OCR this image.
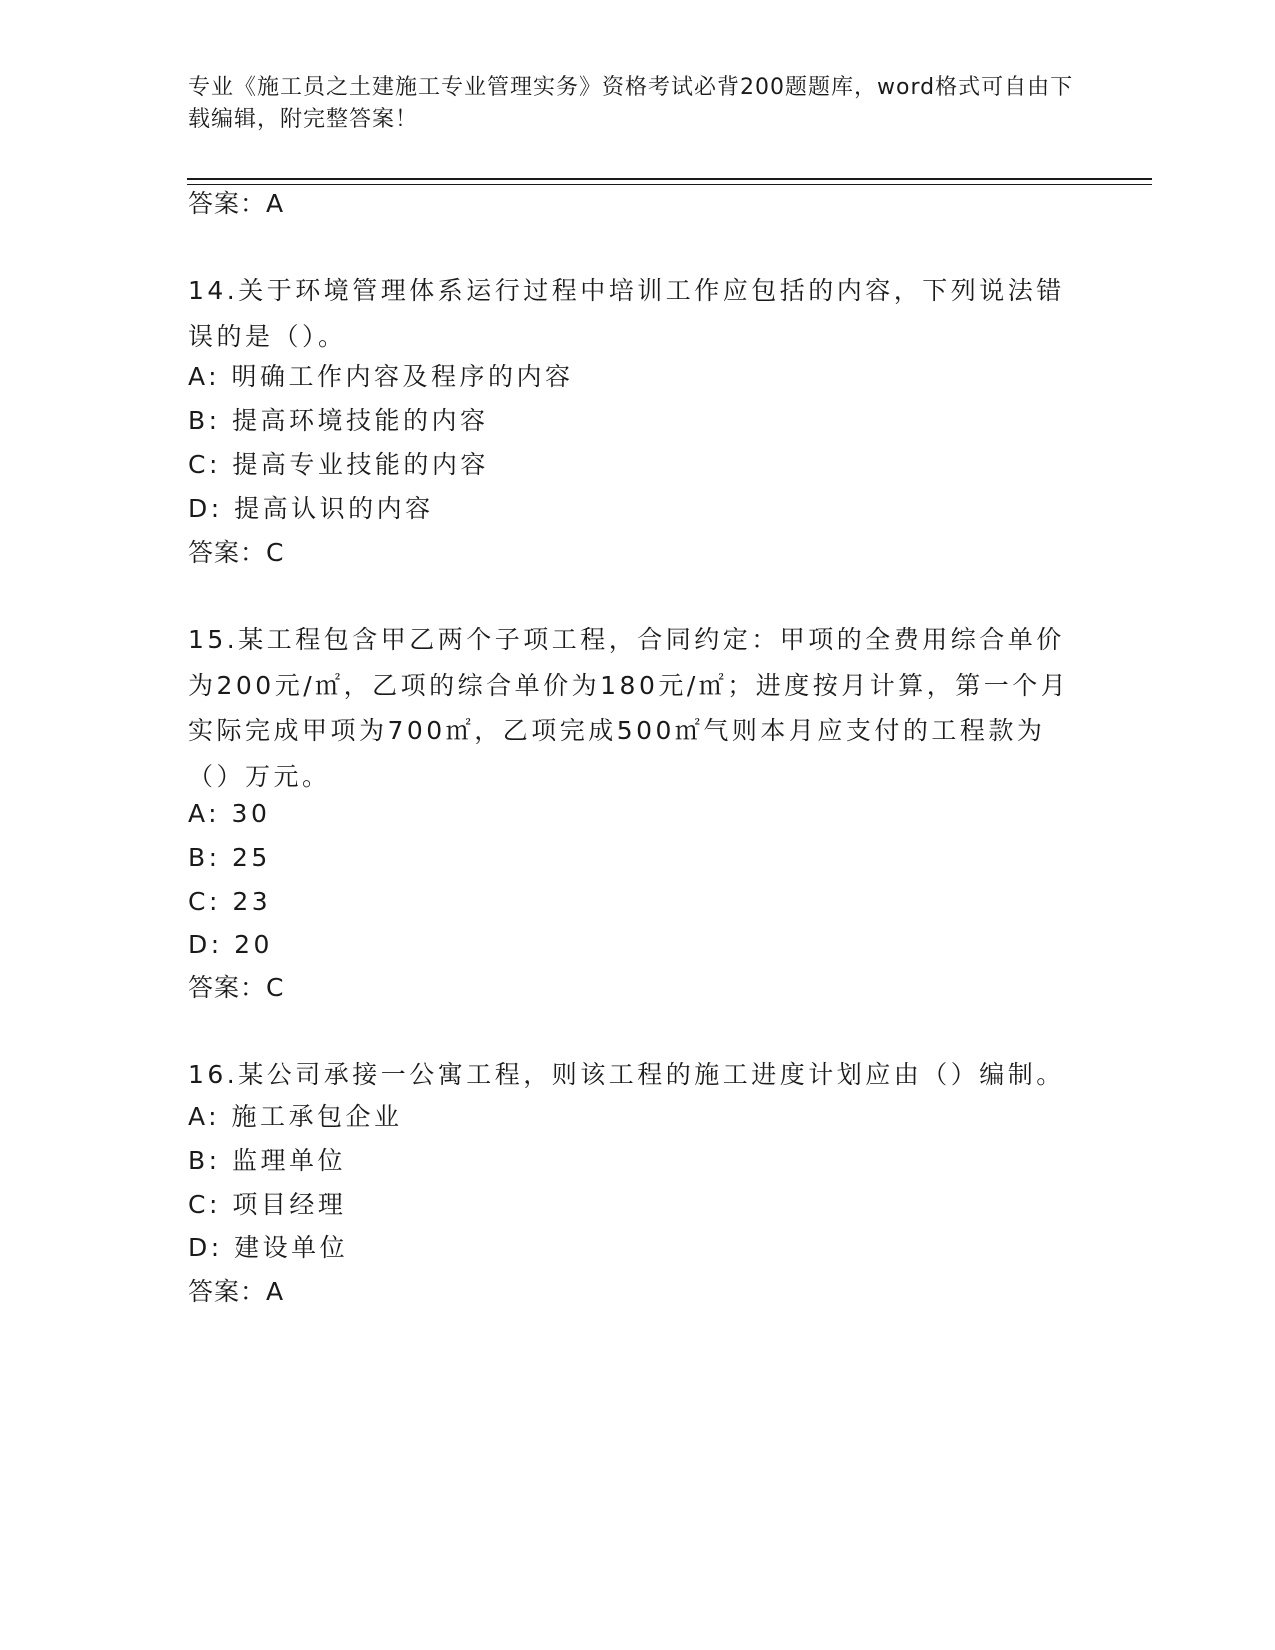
专业《施工员之土建施工专业管理实务》资格考试必背200题题库，word格式可自由下载编辑，附完整答案！
答案：A
14.关于环境管理体系运行过程中培训工作应包括的内容，下列说法错误的是（）。
A: 明确工作内容及程序的内容
B: 提高环境技能的内容
C: 提高专业技能的内容
D: 提高认识的内容
答案：C
15.某工程包含甲乙两个子项工程，合同约定：甲项的全费用综合单价为200元/㎡，乙项的综合单价为180元/㎡；进度按月计算，第一个月实际完成甲项为700㎡，乙项完成500㎡气则本月应支付的工程款为（）万元。
A: 30
B: 25
C: 23
D: 20
答案：C
16.某公司承接一公寓工程，则该工程的施工进度计划应由（）编制。
A: 施工承包企业
B: 监理单位
C: 项目经理
D: 建设单位
答案：A
